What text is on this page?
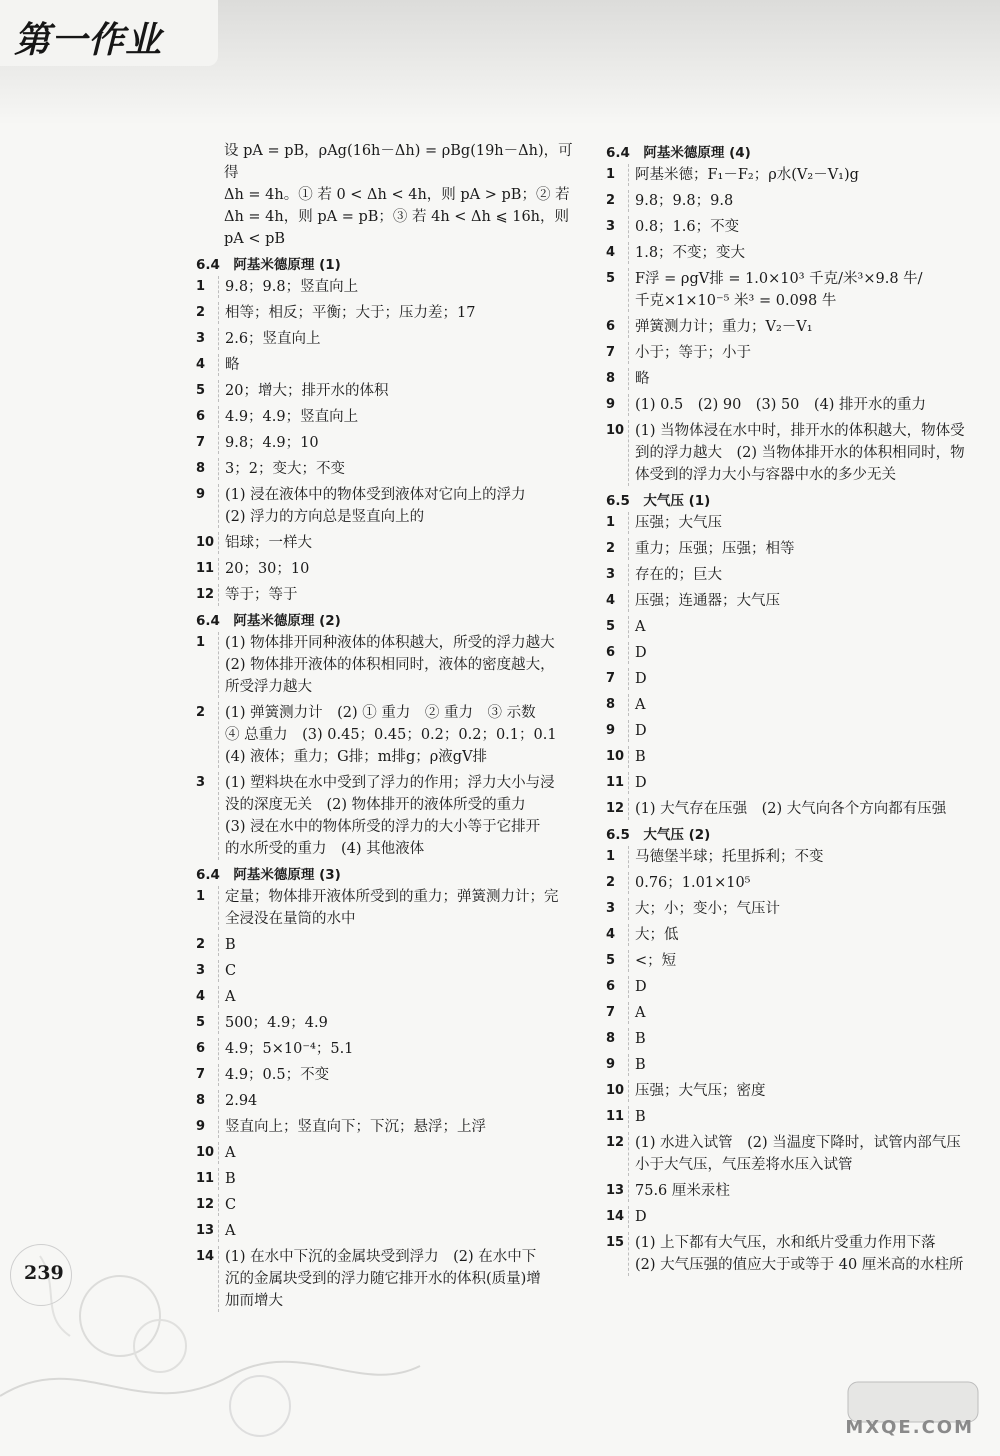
第一作业
239
MXQE.COM
设 pA = pB，ρAg(16h－Δh) = ρBg(19h－Δh)，可得
Δh = 4h。① 若 0 < Δh < 4h，则 pA > pB；② 若
Δh = 4h，则 pA = pB；③ 若 4h < Δh ⩽ 16h，则
pA < pB
6.4　阿基米德原理 (1)
1	9.8；9.8；竖直向上
2	相等；相反；平衡；大于；压力差；17
3	2.6；竖直向上
4	略
5	20；增大；排开水的体积
6	4.9；4.9；竖直向上
7	9.8；4.9；10
8	3；2；变大；不变
9	(1) 浸在液体中的物体受到液体对它向上的浮力
(2) 浮力的方向总是竖直向上的
10 铝球；一样大
11 20；30；10
12 等于；等于
6.4　阿基米德原理 (2)
1	(1) 物体排开同种液体的体积越大，所受的浮力越大
(2) 物体排开液体的体积相同时，液体的密度越大，
所受浮力越大
2	(1) 弹簧测力计　(2) ① 重力　② 重力　③ 示数
④ 总重力　(3) 0.45；0.45；0.2；0.2；0.1；0.1
(4) 液体；重力；G排；m排g；ρ液gV排
3	(1) 塑料块在水中受到了浮力的作用；浮力大小与浸
没的深度无关　(2) 物体排开的液体所受的重力
(3) 浸在水中的物体所受的浮力的大小等于它排开
的水所受的重力　(4) 其他液体
6.4　阿基米德原理 (3)
1	定量；物体排开液体所受到的重力；弹簧测力计；完
全浸没在量筒的水中
2	B
3	C
4	A
5	500；4.9；4.9
6	4.9；5×10⁻⁴；5.1
7	4.9；0.5；不变
8	2.94
9	竖直向上；竖直向下；下沉；悬浮；上浮
10 A
11 B
12 C
13 A
14 (1) 在水中下沉的金属块受到浮力　(2) 在水中下
沉的金属块受到的浮力随它排开水的体积(质量)增
加而增大
6.4　阿基米德原理 (4)
1	阿基米德；F₁－F₂；ρ水(V₂－V₁)g
2	9.8；9.8；9.8
3	0.8；1.6；不变
4	1.8；不变；变大
5	F浮 = ρgV排 = 1.0×10³ 千克/米³×9.8 牛/
千克×1×10⁻⁵ 米³ = 0.098 牛
6	弹簧测力计；重力；V₂－V₁
7	小于；等于；小于
8	略
9	(1) 0.5　(2) 90　(3) 50　(4) 排开水的重力
10 (1) 当物体浸在水中时，排开水的体积越大，物体受
到的浮力越大　(2) 当物体排开水的体积相同时，物
体受到的浮力大小与容器中水的多少无关
6.5　大气压 (1)
1	压强；大气压
2	重力；压强；压强；相等
3	存在的；巨大
4	压强；连通器；大气压
5	A
6	D
7	D
8	A
9	D
10 B
11 D
12 (1) 大气存在压强　(2) 大气向各个方向都有压强
6.5　大气压 (2)
1	马德堡半球；托里拆利；不变
2	0.76；1.01×10⁵
3	大；小；变小；气压计
4	大；低
5	<；短
6	D
7	A
8	B
9	B
10 压强；大气压；密度
11 B
12 (1) 水进入试管　(2) 当温度下降时，试管内部气压
小于大气压，气压差将水压入试管
13 75.6 厘米汞柱
14 D
15 (1) 上下都有大气压，水和纸片受重力作用下落
(2) 大气压强的值应大于或等于 40 厘米高的水柱所
